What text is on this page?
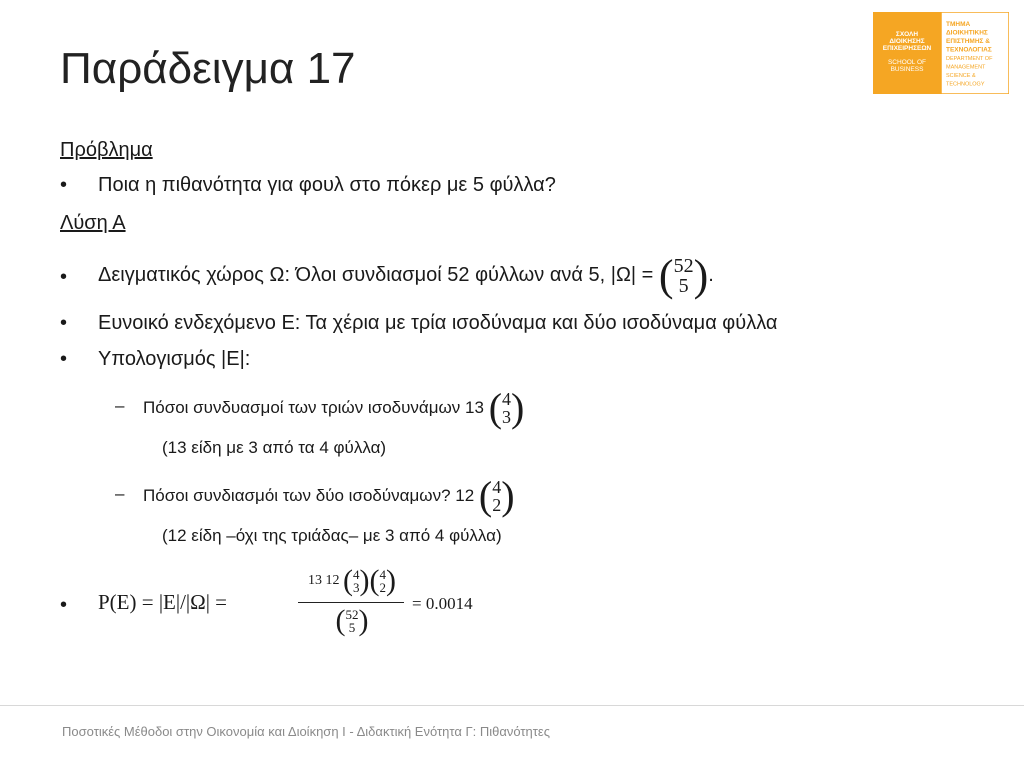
Παράδειγμα 17
ΣΧΟΛΗ
ΔΙΟΙΚΗΣΗΣ
ΕΠΙΧΕΙΡΗΣΕΩΝ
SCHOOL OF
BUSINESS
ΤΜΗΜΑ
ΔΙΟΙΚΗΤΙΚΗΣ
ΕΠΙΣΤΗΜΗΣ &
ΤΕΧΝΟΛΟΓΙΑΣ
DEPARTMENT OF
MANAGEMENT
SCIENCE &
TECHNOLOGY
Πρόβλημα
• Ποια η πιθανότητα για φουλ στο πόκερ με 5 φύλλα?
Λύση Α
• Δειγματικός χώρος Ω: Όλοι συνδιασμοί 52 φύλλων ανά 5, |Ω| = ( 52
5 ).
• Ευνοικό ενδεχόμενο Ε: Τα χέρια με τρία ισοδύναμα και δύο ισοδύναμα φύλλα
• Υπολογισμός |Ε|:
– Πόσοι συνδυασμοί των τριών ισοδυνάμων 13 ( 4
3 )
(13 είδη με 3 από τα 4 φύλλα)
– Πόσοι συνδιασμόι των δύο ισοδύναμων? 12 ( 4
2 )
(12 είδη –όχι της τριάδας– με 3 από 4 φύλλα)
• P(E) = |E|/|Ω| =
13 12 ( 4
3 )( 4
2 )
( 52
5 )
= 0.0014
Ποσοτικές Μέθοδοι στην Οικονομία και Διοίκηση Ι - Διδακτική Ενότητα Γ: Πιθανότητες
